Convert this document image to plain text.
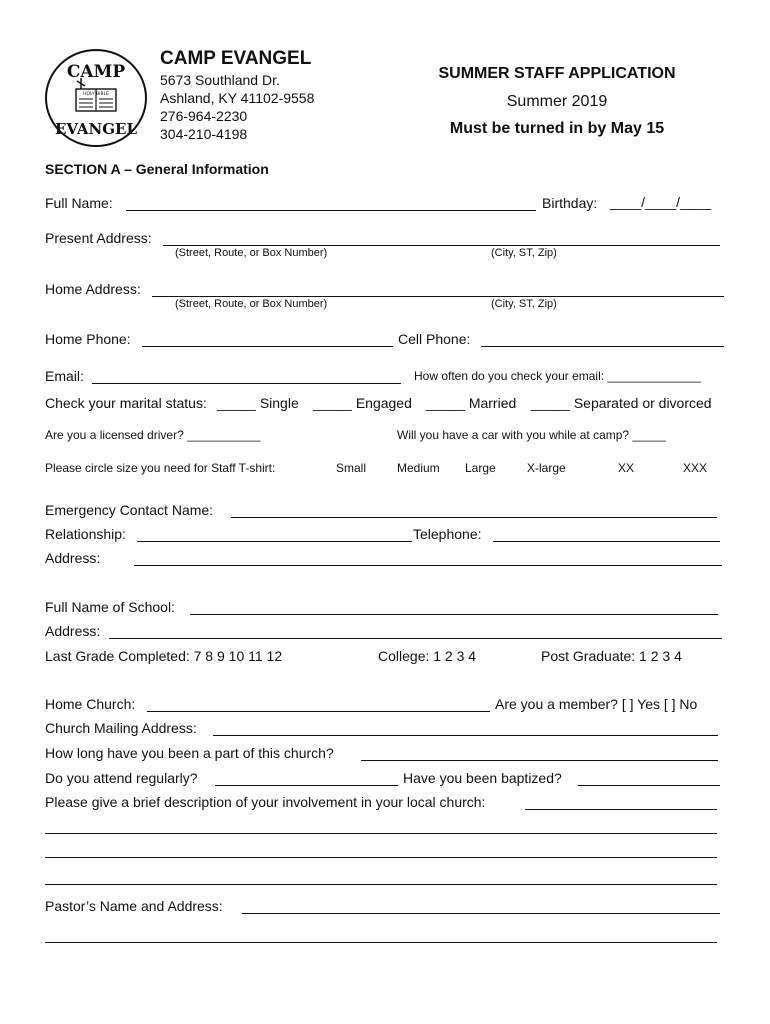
CAMP
HOLY BIBLE
EVANGEL
CAMP EVANGEL
5673 Southland Dr.
Ashland, KY 41102-9558
276-964-2230
304-210-4198
SUMMER STAFF APPLICATION
Summer 2019
Must be turned in by May 15
SECTION A – General Information
Full Name:	Birthday: ____/____/____
Present Address:
(Street, Route, or Box Number)	(City, ST, Zip)
Home Address:
(Street, Route, or Box Number)	(City, ST, Zip)
Home Phone:	Cell Phone:
Email:	How often do you check your email: ______________
Check your marital status: _____ Single _____ Engaged _____ Married _____ Separated or divorced
Are you a licensed driver? ___________	Will you have a car with you while at camp? _____
Please circle size you need for Staff T-shirt:	Small	Medium Large	X-large	XX	XXX
Emergency Contact Name:
Relationship:	Telephone:
Address:
Full Name of School:
Address:
Last Grade Completed: 7 8 9 10 11 12	College: 1 2 3 4	Post Graduate: 1 2 3 4
Home Church:	Are you a member? [ ] Yes [ ] No
Church Mailing Address:
How long have you been a part of this church?
Do you attend regularly?	Have you been baptized?
Please give a brief description of your involvement in your local church:
Pastor’s Name and Address:
